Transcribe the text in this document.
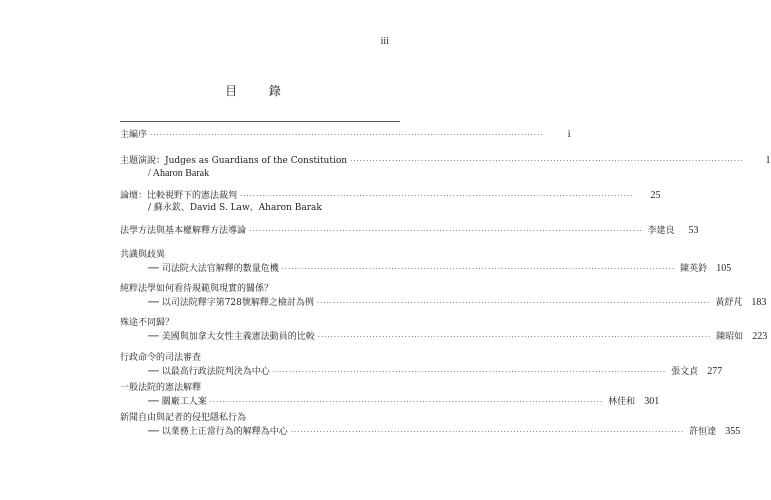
iii
目 錄
主編序 ·····	i
主題演說：Judges as Guardians of the Constitution ·····	1
/ Aharon Barak
論壇：比較視野下的憲法裁判 ·····	25
/ 蘇永欽、David S. Law、Aharon Barak
法學方法與基本權解釋方法導論 ·····	李建良	53
共識與歧異
── 司法院大法官解釋的數量危機 ·····	陳英鈐 105
純粹法學如何看待規範與現實的關係？
── 以司法院釋字第728號解釋之檢討為例 ·····	黃舒芃 183
殊途不同歸？
── 美國與加拿大女性主義憲法動員的比較 ·····	陳昭如 223
行政命令的司法審查
── 以最高行政法院判決為中心 ·····	張文貞 277
一般法院的憲法解釋
── 關廠工人案 ·····	林佳和 301
新聞自由與記者的侵犯隱私行為
── 以業務上正當行為的解釋為中心 ·····	許恒達 355
